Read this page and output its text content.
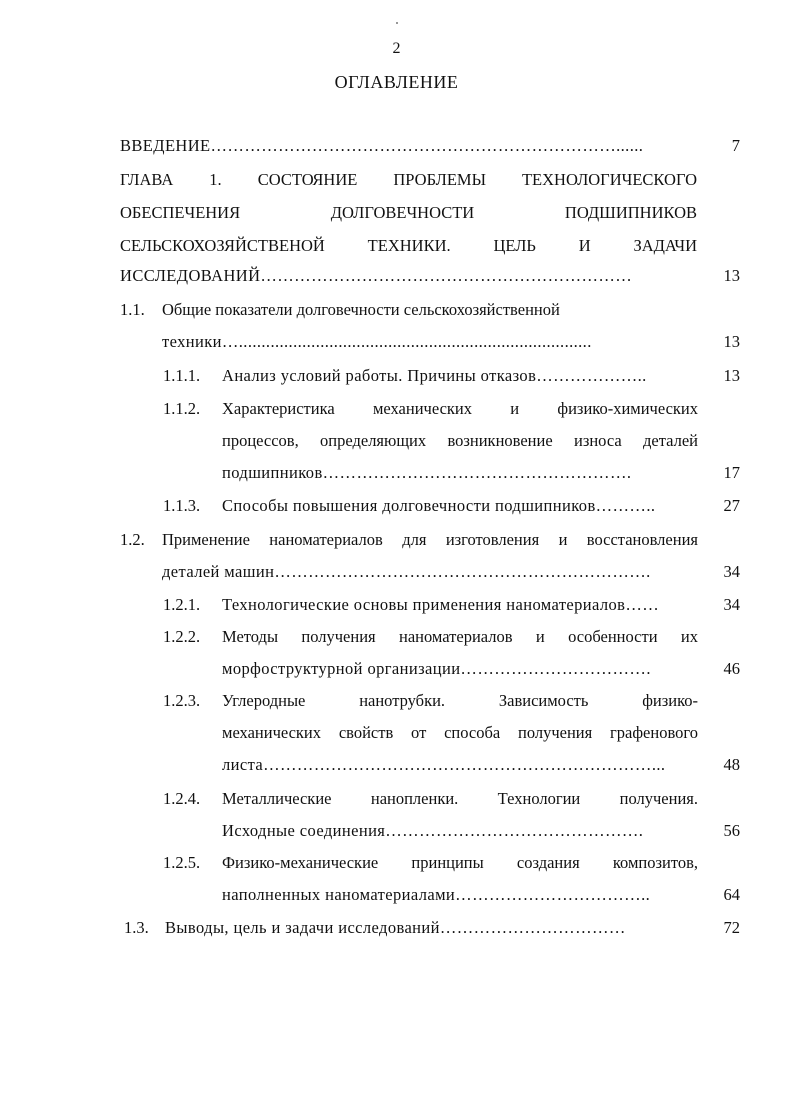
2
ОГЛАВЛЕНИЕ
ВВЕДЕНИЕ………………………………………………………………......	7
ГЛАВА 1. СОСТОЯНИЕ ПРОБЛЕМЫ ТЕХНОЛОГИЧЕСКОГО
ОБЕСПЕЧЕНИЯ ДОЛГОВЕЧНОСТИ ПОДШИПНИКОВ
СЕЛЬСКОХОЗЯЙСТВЕНОЙ ТЕХНИКИ. ЦЕЛЬ И ЗАДАЧИ
ИССЛЕДОВАНИЙ…………………………………………………………	13
1.1. Общие показатели долговечности сельскохозяйственной
техники…..............................................................................	13
1.1.1. Анализ условий работы. Причины отказов………………..	13
1.1.2. Характеристика механических и физико-химических
процессов, определяющих возникновение износа деталей
подшипников……………………………………………….	17
1.1.3. Способы повышения долговечности подшипников………..	27
1.2. Применение наноматериалов для изготовления и восстановления
деталей машин………………………………………………………….	34
1.2.1. Технологические основы применения наноматериалов……	34
1.2.2. Методы получения наноматериалов и особенности их
морфоструктурной организации…………………………….	46
1.2.3. Углеродные нанотрубки. Зависимость физико-
механических свойств от способа получения графенового
листа……………………………………………………………...	48
1.2.4. Металлические нанопленки. Технологии получения.
Исходные соединения……………………………………….	56
1.2.5. Физико-механические принципы создания композитов,
наполненных наноматериалами……………………………..	64
1.3. Выводы, цель и задачи исследований……………………………	72
